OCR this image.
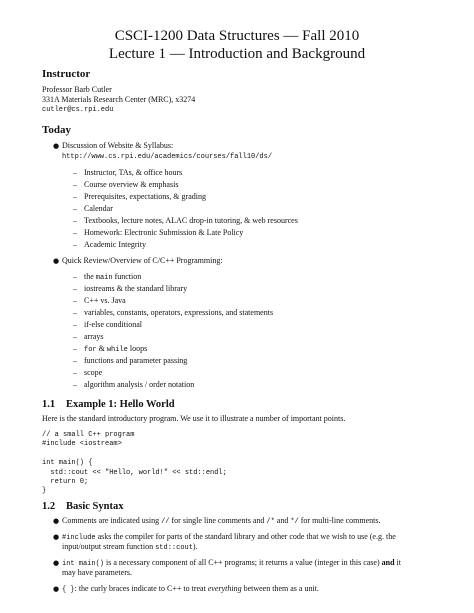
CSCI-1200 Data Structures — Fall 2010
Lecture 1 — Introduction and Background
Instructor
Professor Barb Cutler
331A Materials Research Center (MRC), x3274
cutler@cs.rpi.edu
Today
● Discussion of Website & Syllabus:
http://www.cs.rpi.edu/academics/courses/fall10/ds/
– Instructor, TAs, & office hours
– Course overview & emphasis
– Prerequisites, expectations, & grading
– Calendar
– Textbooks, lecture notes, ALAC drop-in tutoring, & web resources
– Homework: Electronic Submission & Late Policy
– Academic Integrity
● Quick Review/Overview of C/C++ Programming:
– the main function
– iostreams & the standard library
– C++ vs. Java
– variables, constants, operators, expressions, and statements
– if-else conditional
– arrays
– for & while loops
– functions and parameter passing
– scope
– algorithm analysis / order notation
1.1 Example 1: Hello World
Here is the standard introductory program. We use it to illustrate a number of important points.
// a small C++ program
#include <iostream>

int main() {
std::cout << "Hello, world!" << std::endl;
return 0;
}
1.2 Basic Syntax
● Comments are indicated using // for single line comments and /* and */ for multi-line comments.
● #include asks the compiler for parts of the standard library and other code that we wish to use (e.g. the
input/output stream function std::cout).
● int main() is a necessary component of all C++ programs; it returns a value (integer in this case) and it
may have parameters.
● { }: the curly braces indicate to C++ to treat everything between them as a unit.
